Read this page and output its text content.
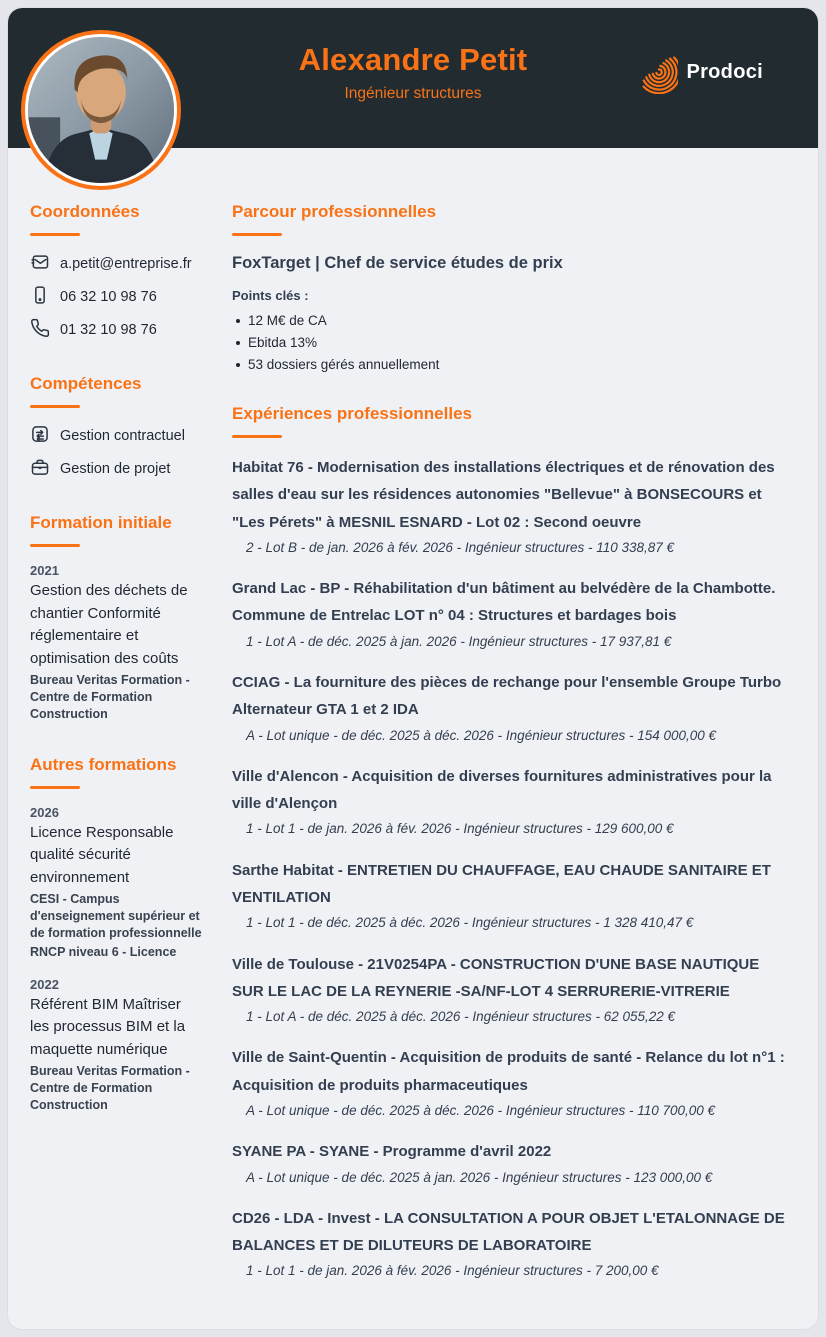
Alexandre Petit
Ingénieur structures
Prodoci
Coordonnées
a.petit@entreprise.fr
06 32 10 98 76
01 32 10 98 76
Compétences
Gestion contractuel
Gestion de projet
Formation initiale
2021
Gestion des déchets de chantier Conformité réglementaire et optimisation des coûts
Bureau Veritas Formation - Centre de Formation Construction
Autres formations
2026
Licence Responsable qualité sécurité environnement
CESI - Campus d'enseignement supérieur et de formation professionnelle
RNCP niveau 6 - Licence
2022
Référent BIM Maîtriser les processus BIM et la maquette numérique
Bureau Veritas Formation - Centre de Formation Construction
Parcour professionnelles
FoxTarget | Chef de service études de prix
Points clés :
12 M€ de CA
Ebitda 13%
53 dossiers gérés annuellement
Expériences professionnelles
Habitat 76 - Modernisation des installations électriques et de rénovation des salles d'eau sur les résidences autonomies "Bellevue" à BONSECOURS et "Les Pérets" à MESNIL ESNARD - Lot 02 : Second oeuvre

2 - Lot B - de jan. 2026 à fév. 2026 - Ingénieur structures - 110 338,87 €

Grand Lac - BP - Réhabilitation d'un bâtiment au belvédère de la Chambotte. Commune de Entrelac LOT n° 04 : Structures et bardages bois

1 - Lot A - de déc. 2025 à jan. 2026 - Ingénieur structures - 17 937,81 €

CCIAG - La fourniture des pièces de rechange pour l'ensemble Groupe Turbo Alternateur GTA 1 et 2 IDA

A - Lot unique - de déc. 2025 à déc. 2026 - Ingénieur structures - 154 000,00 €

Ville d'Alencon - Acquisition de diverses fournitures administratives pour la ville d'Alençon

1 - Lot 1 - de jan. 2026 à fév. 2026 - Ingénieur structures - 129 600,00 €

Sarthe Habitat - ENTRETIEN DU CHAUFFAGE, EAU CHAUDE SANITAIRE ET VENTILATION

1 - Lot 1 - de déc. 2025 à déc. 2026 - Ingénieur structures - 1 328 410,47 €

Ville de Toulouse - 21V0254PA - CONSTRUCTION D'UNE BASE NAUTIQUE SUR LE LAC DE LA REYNERIE -SA/NF-LOT 4 SERRURERIE-VITRERIE

1 - Lot A - de déc. 2025 à déc. 2026 - Ingénieur structures - 62 055,22 €

Ville de Saint-Quentin - Acquisition de produits de santé - Relance du lot n°1 : Acquisition de produits pharmaceutiques

A - Lot unique - de déc. 2025 à déc. 2026 - Ingénieur structures - 110 700,00 €

SYANE PA - SYANE - Programme d'avril 2022

A - Lot unique - de déc. 2025 à jan. 2026 - Ingénieur structures - 123 000,00 €

CD26 - LDA - Invest - LA CONSULTATION A POUR OBJET L'ETALONNAGE DE BALANCES ET DE DILUTEURS DE LABORATOIRE

1 - Lot 1 - de jan. 2026 à fév. 2026 - Ingénieur structures - 7 200,00 €
